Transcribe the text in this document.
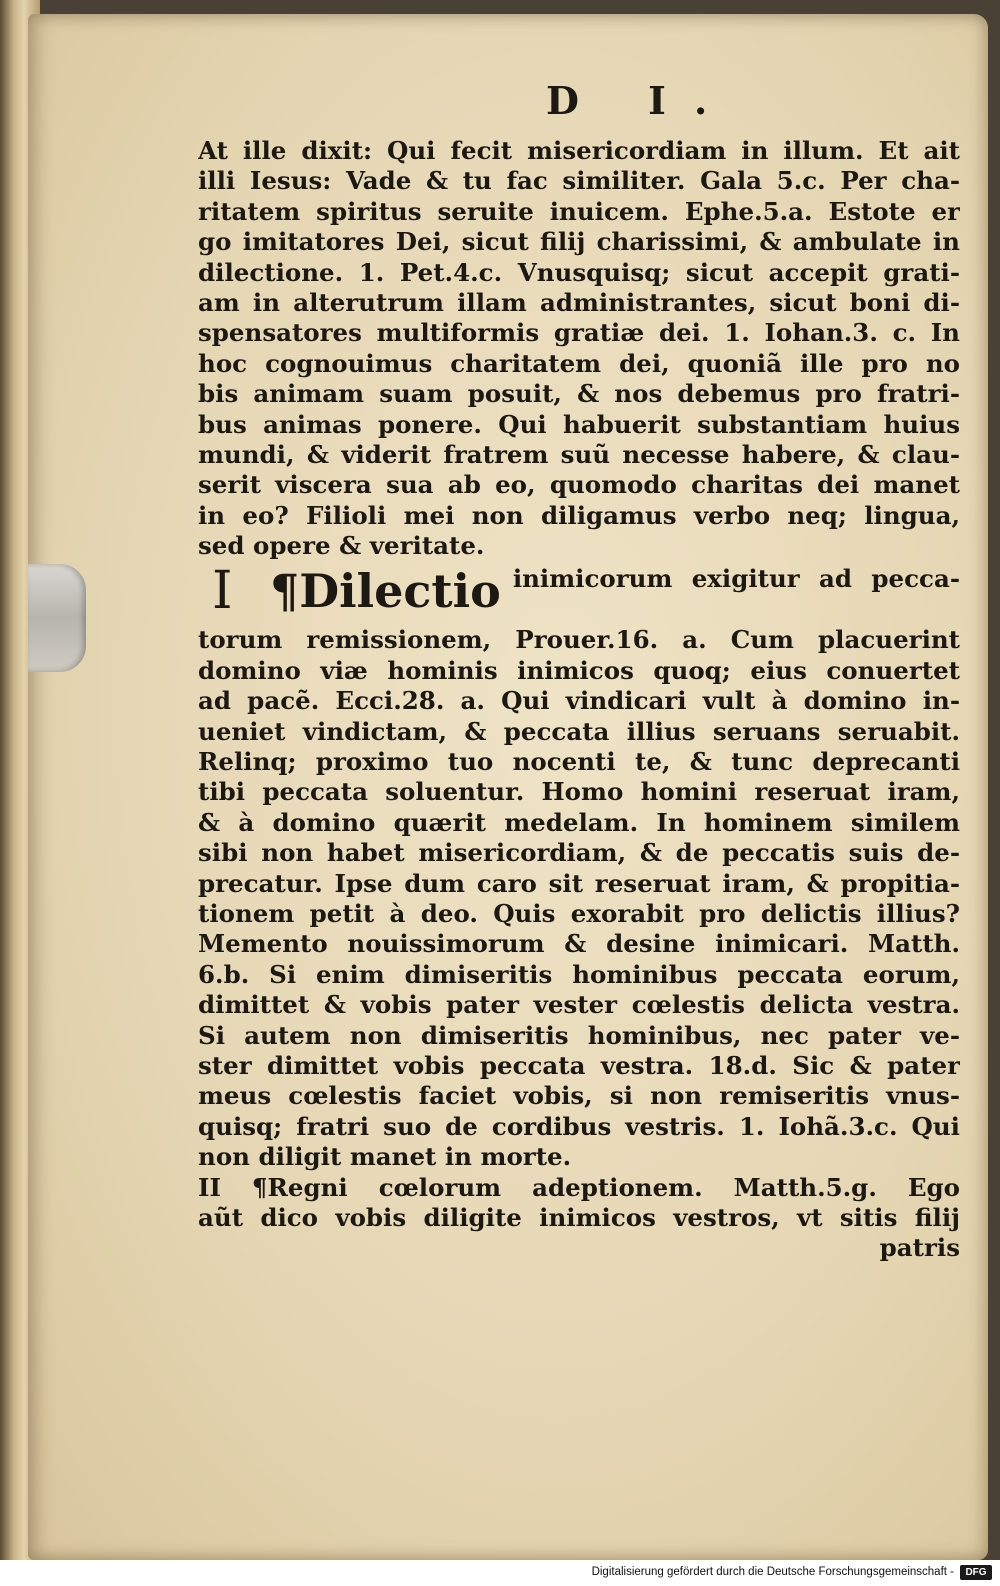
D I.
At ille dixit: Qui fecit misericordiam in illum. Et ait
illi Iesus: Vade & tu fac similiter. Gala 5.c. Per cha-
ritatem spiritus seruite inuicem. Ephe.5.a. Estote er
go imitatores Dei, sicut filij charissimi, & ambulate in
dilectione. 1. Pet.4.c. Vnusquisq; sicut accepit grati-
am in alterutrum illam administrantes, sicut boni di-
spensatores multiformis gratiæ dei. 1. Iohan.3. c. In
hoc cognouimus charitatem dei, quoniã ille pro no
bis animam suam posuit, & nos debemus pro fratri-
bus animas ponere. Qui habuerit substantiam huius
mundi, & viderit fratrem suũ necesse habere, & clau-
serit viscera sua ab eo, quomodo charitas dei manet
in eo? Filioli mei non diligamus verbo neq; lingua,
sed opere & veritate.
I ¶Dilectio inimicorum exigitur ad pecca-
torum remissionem, Prouer.16. a. Cum placuerint
domino viæ hominis inimicos quoq; eius conuertet
ad pacẽ. Ecci.28. a. Qui vindicari vult à domino in-
ueniet vindictam, & peccata illius seruans seruabit.
Relinq; proximo tuo nocenti te, & tunc deprecanti
tibi peccata soluentur. Homo homini reseruat iram,
& à domino quærit medelam. In hominem similem
sibi non habet misericordiam, & de peccatis suis de-
precatur. Ipse dum caro sit reseruat iram, & propitia-
tionem petit à deo. Quis exorabit pro delictis illius?
Memento nouissimorum & desine inimicari. Matth.
6.b. Si enim dimiseritis hominibus peccata eorum,
dimittet & vobis pater vester cœlestis delicta vestra.
Si autem non dimiseritis hominibus, nec pater ve-
ster dimittet vobis peccata vestra. 18.d. Sic & pater
meus cœlestis faciet vobis, si non remiseritis vnus-
quisq; fratri suo de cordibus vestris. 1. Iohã.3.c. Qui
non diligit manet in morte.
II ¶Regni cœlorum adeptionem. Matth.5.g. Ego
aũt dico vobis diligite inimicos vestros, vt sitis filij
patris
Digitalisierung gefördert durch die Deutsche Forschungsgemeinschaft -	DFG
